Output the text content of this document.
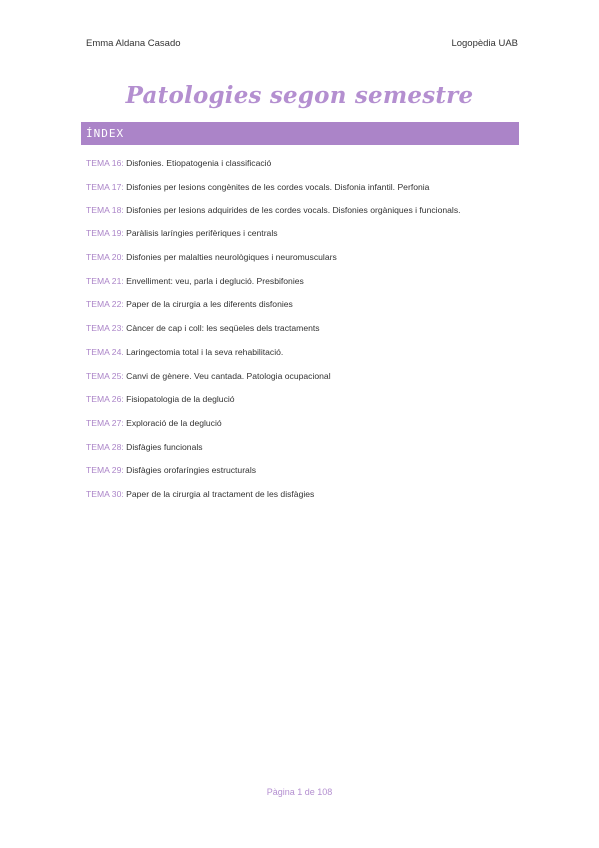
Emma Aldana Casado	Logopèdia UAB
Patologies segon semestre
ÍNDEX
TEMA 16: Disfonies. Etiopatogenia i classificació
TEMA 17: Disfonies per lesions congènites de les cordes vocals. Disfonia infantil. Perfonia
TEMA 18: Disfonies per lesions adquirides de les cordes vocals. Disfonies orgàniques i funcionals.
TEMA 19: Paràlisis laríngies perifèriques i centrals
TEMA 20: Disfonies per malalties neurològiques i neuromusculars
TEMA 21: Envelliment: veu, parla i deglució. Presbifonies
TEMA 22: Paper de la cirurgia a les diferents disfonies
TEMA 23: Càncer de cap i coll: les seqüeles dels tractaments
TEMA 24. Laringectomia total i la seva rehabilitació.
TEMA 25: Canvi de gènere. Veu cantada. Patologia ocupacional
TEMA 26: Fisiopatologia de la deglució
TEMA 27: Exploració de la deglució
TEMA 28: Disfàgies funcionals
TEMA 29: Disfàgies orofaríngies estructurals
TEMA 30: Paper de la cirurgia al tractament de les disfàgies
Pàgina 1 de 108
